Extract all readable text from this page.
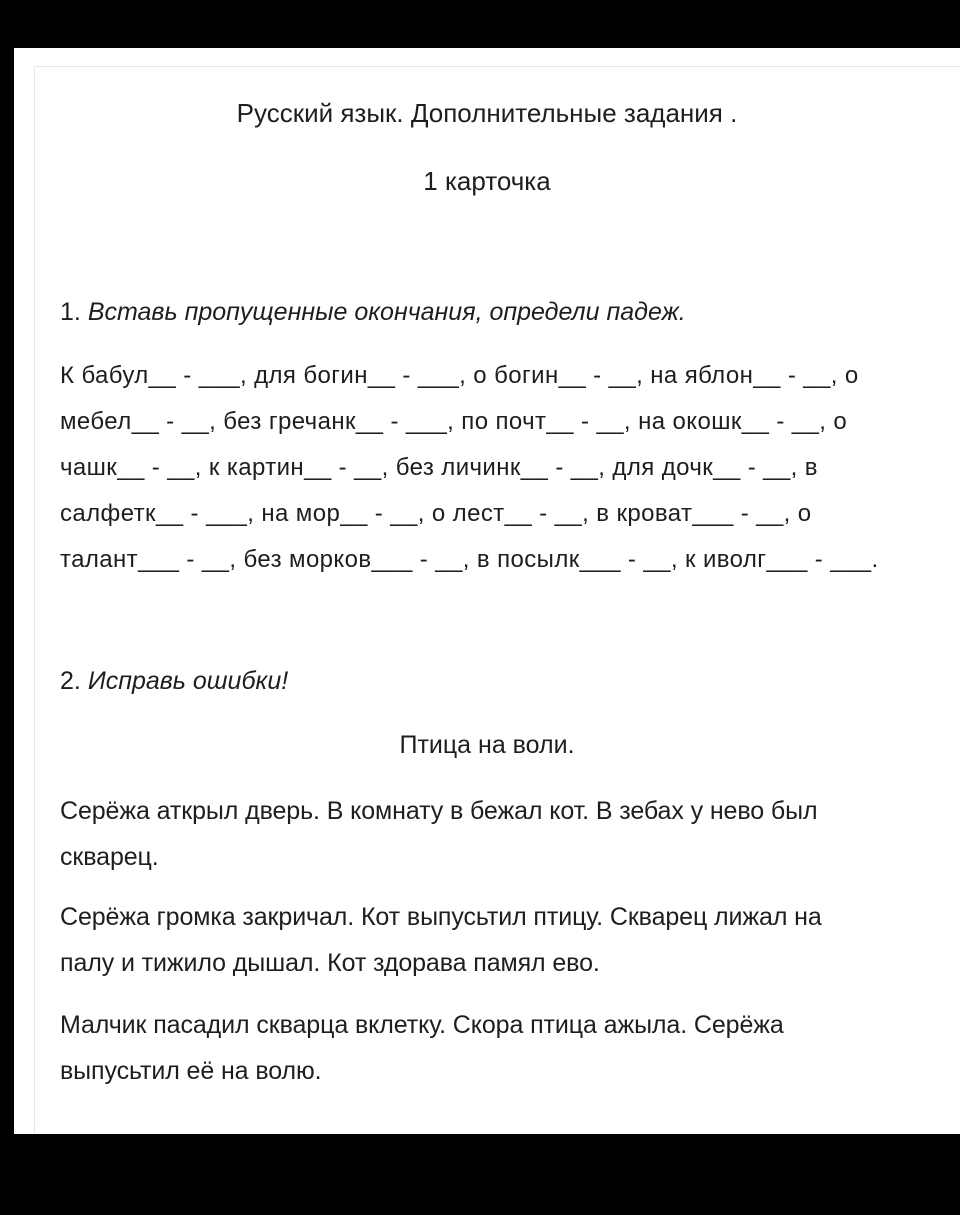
Русский язык. Дополнительные задания .
1 карточка
1. Вставь пропущенные окончания, определи падеж.
К бабул__ - ___, для богин__ - ___, о богин__ - __, на яблон__ - __, о
мебел__ - __, без гречанк__ - ___, по почт__ - __, на окошк__ - __, о
чашк__ - __, к картин__ - __, без личинк__ - __, для дочк__ - __, в
салфетк__ - ___, на мор__ - __, о лест__ - __, в кроват___ - __, о
талант___ - __, без морков___ - __, в посылк___ - __, к иволг___ - ___.
2. Исправь ошибки!
Птица на воли.
Серёжа аткрыл дверь. В комнату в бежал кот. В зебах у нево был
скварец.
Серёжа громка закричал. Кот выпусьтил птицу. Скварец лижал на
палу и тижило дышал. Кот здорава памял ево.
Малчик пасадил скварца вклетку. Скора птица ажыла. Серёжа
выпусьтил её на волю.
